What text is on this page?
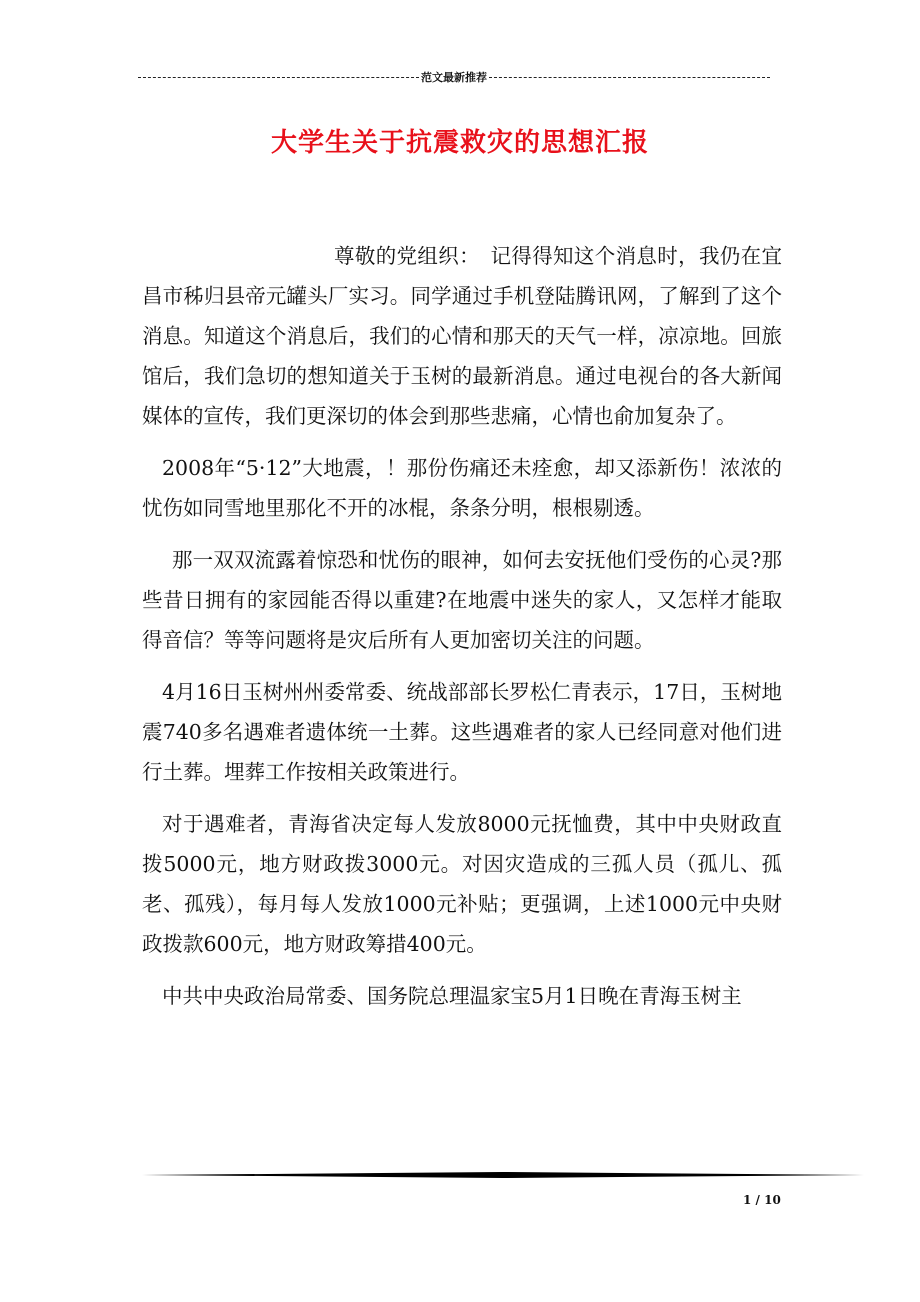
范文最新推荐
大学生关于抗震救灾的思想汇报

尊敬的党组织：　记得得知这个消息时，我仍在宜昌市秭归县帝元罐头厂实习。同学通过手机登陆腾讯网，了解到了这个消息。知道这个消息后，我们的心情和那天的天气一样，凉凉地。回旅馆后，我们急切的想知道关于玉树的最新消息。通过电视台的各大新闻媒体的宣传，我们更深切的体会到那些悲痛，心情也俞加复杂了。

2008年“5·12”大地震，！那份伤痛还未痊愈，却又添新伤！浓浓的忧伤如同雪地里那化不开的冰棍，条条分明，根根剔透。

那一双双流露着惊恐和忧伤的眼神，如何去安抚他们受伤的心灵?那些昔日拥有的家园能否得以重建?在地震中迷失的家人，又怎样才能取得音信？等等问题将是灾后所有人更加密切关注的问题。

4月16日玉树州州委常委、统战部部长罗松仁青表示，17日，玉树地震740多名遇难者遗体统一土葬。这些遇难者的家人已经同意对他们进行土葬。埋葬工作按相关政策进行。

对于遇难者，青海省决定每人发放8000元抚恤费，其中中央财政直拨5000元，地方财政拨3000元。对因灾造成的三孤人员（孤儿、孤老、孤残），每月每人发放1000元补贴；更强调，上述1000元中央财政拨款600元，地方财政筹措400元。

中共中央政治局常委、国务院总理温家宝5月1日晚在青海玉树主

1 / 10
